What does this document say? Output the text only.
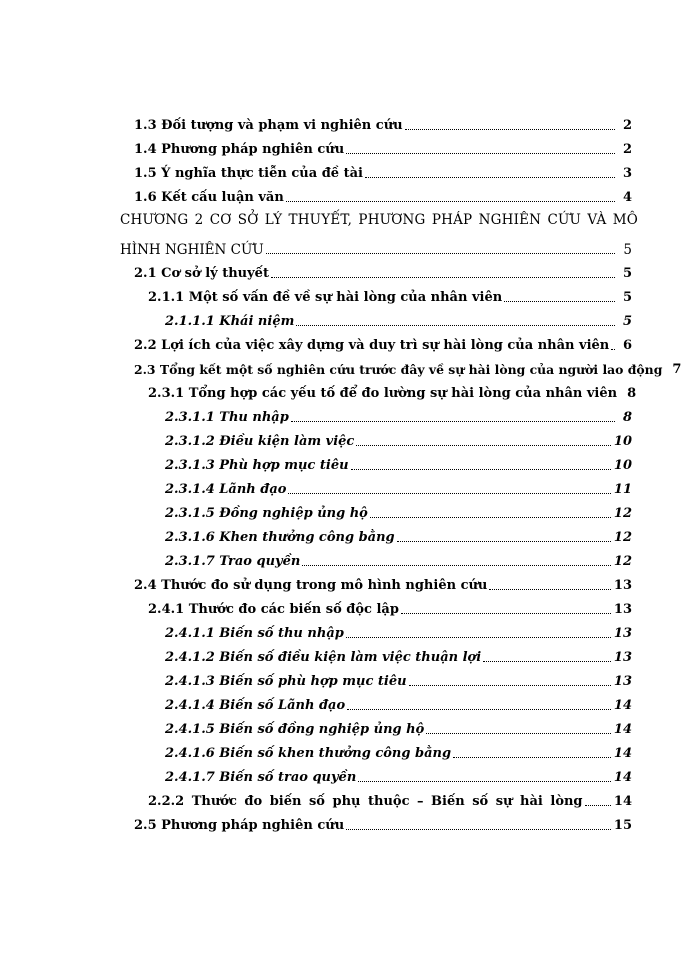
1.3 Đối tượng và phạm vi nghiên cứu	2
1.4 Phương pháp nghiên cứu	2
1.5 Ý nghĩa thực tiễn của đề tài	3
1.6 Kết cấu luận văn	4
CHƯƠNG 2 CƠ SỞ LÝ THUYẾT, PHƯƠNG PHÁP NGHIÊN CỨU VÀ MÔ
HÌNH NGHIÊN CỨU	5
2.1 Cơ sở lý thuyết	5
2.1.1 Một số vấn đề về sự hài lòng của nhân viên	5
2.1.1.1 Khái niệm	5
2.2 Lợi ích của việc xây dựng và duy trì sự hài lòng của nhân viên	6
2.3 Tổng kết một số nghiên cứu trước đây về sự hài lòng của người lao động 7
2.3.1 Tổng hợp các yếu tố để đo lường sự hài lòng của nhân viên 8
2.3.1.1 Thu nhập	8
2.3.1.2 Điều kiện làm việc	10
2.3.1.3 Phù hợp mục tiêu	10
2.3.1.4 Lãnh đạo	11
2.3.1.5 Đồng nghiệp ủng hộ	12
2.3.1.6 Khen thưởng công bằng	12
2.3.1.7 Trao quyền	12
2.4 Thước đo sử dụng trong mô hình nghiên cứu	13
2.4.1 Thước đo các biến số độc lập	13
2.4.1.1 Biến số thu nhập	13
2.4.1.2 Biến số điều kiện làm việc thuận lợi	13
2.4.1.3 Biến số phù hợp mục tiêu	13
2.4.1.4 Biến số Lãnh đạo	14
2.4.1.5 Biến số đồng nghiệp ủng hộ	14
2.4.1.6 Biến số khen thưởng công bằng	14
2.4.1.7 Biến số trao quyền	14
2.2.2 Thước đo biến số phụ thuộc – Biến số sự hài lòng 14
2.5 Phương pháp nghiên cứu	15
